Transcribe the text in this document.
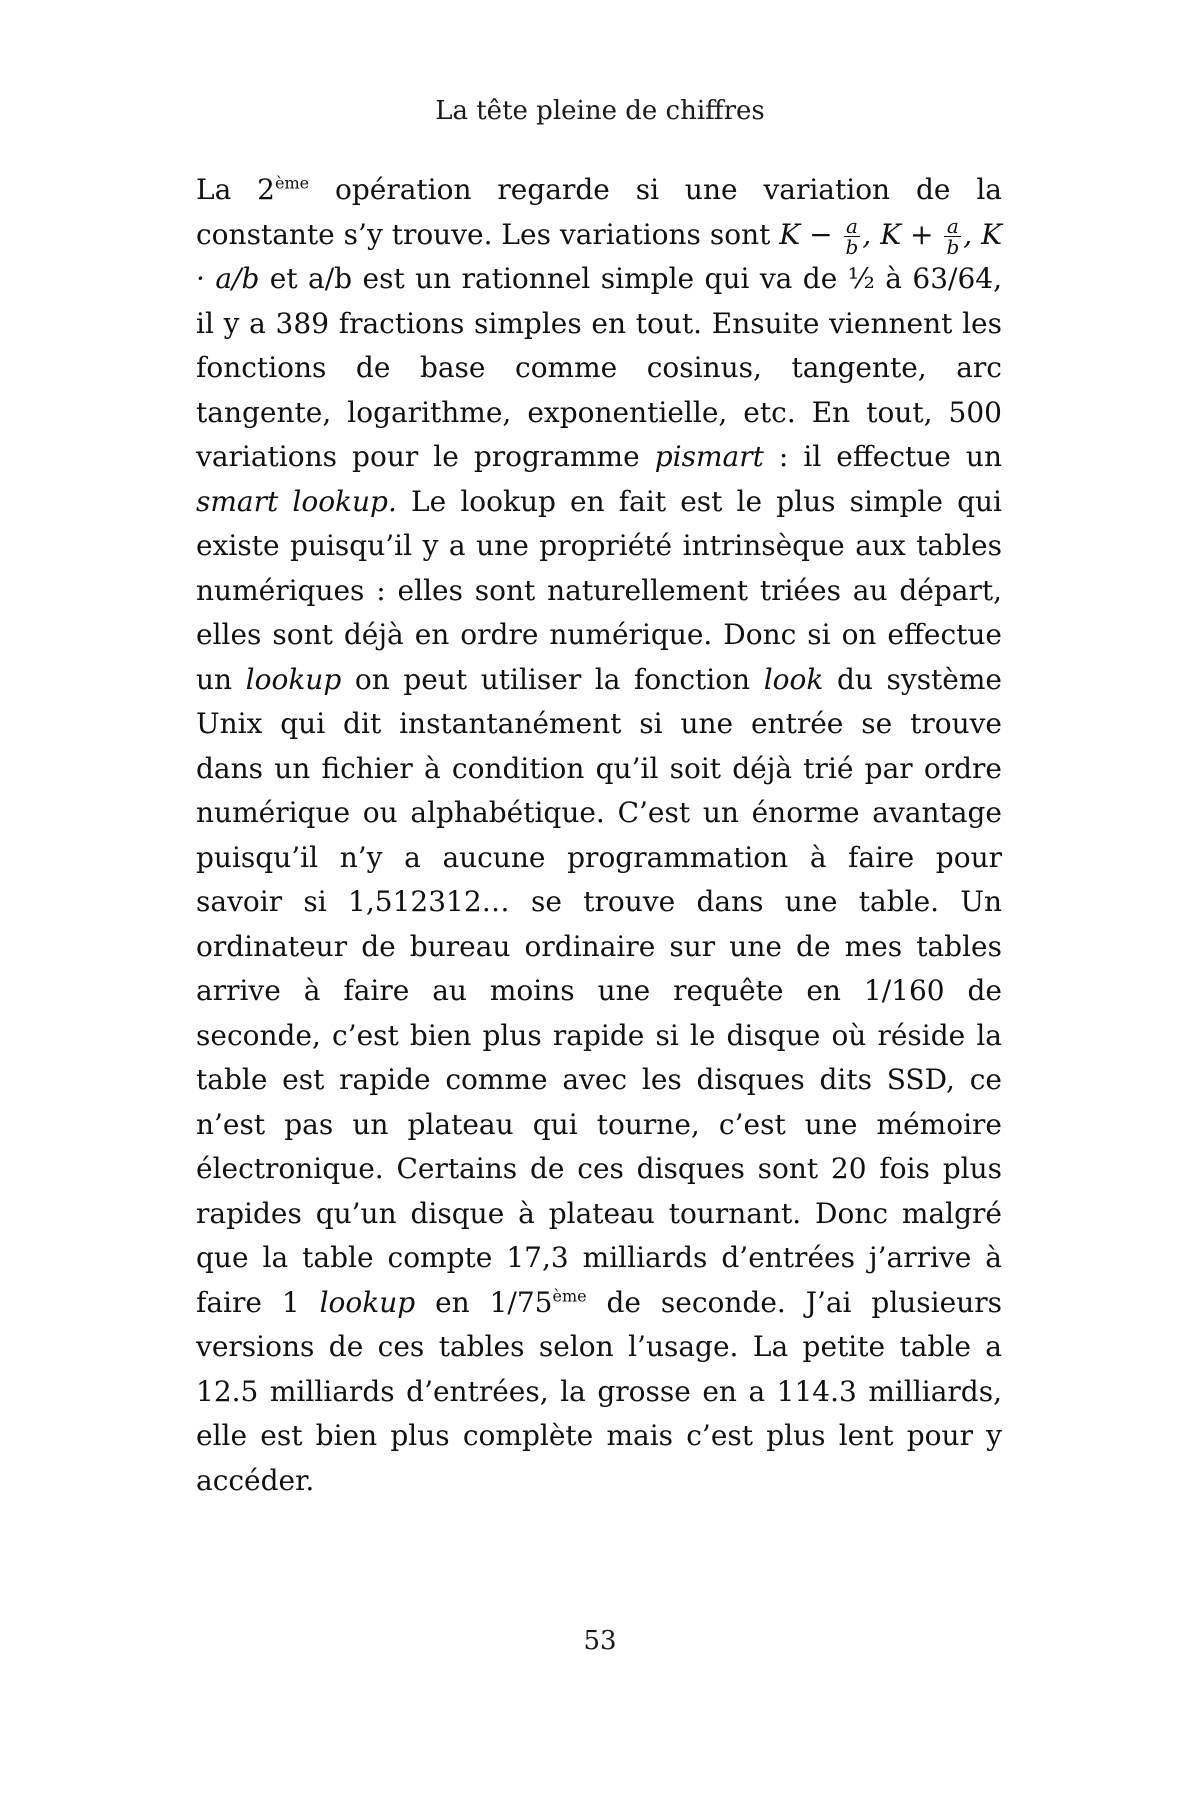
La tête pleine de chiffres

La 2ème opération regarde si une variation de la constante s’y trouve. Les variations sont $K - \frac{a}{b}$ , $K + \frac{a}{b}$ , K · a/b et a/b est un rationnel simple qui va de ½ à 63/64, il y a 389 fractions simples en tout. Ensuite viennent les fonctions de base comme cosinus, tangente, arc tangente, logarithme, exponentielle, etc. En tout, 500 variations pour le programme pismart : il effectue un smart lookup. Le lookup en fait est le plus simple qui existe puisqu’il y a une propriété intrinsèque aux tables numériques : elles sont naturellement triées au départ, elles sont déjà en ordre numérique. Donc si on effectue un lookup on peut utiliser la fonction look du système Unix qui dit instantanément si une entrée se trouve dans un fichier à condition qu’il soit déjà trié par ordre numérique ou alphabétique. C’est un énorme avantage puisqu’il n’y a aucune programmation à faire pour savoir si 1,512312… se trouve dans une table. Un ordinateur de bureau ordinaire sur une de mes tables arrive à faire au moins une requête en 1/160 de seconde, c’est bien plus rapide si le disque où réside la table est rapide comme avec les disques dits SSD, ce n’est pas un plateau qui tourne, c’est une mémoire électronique. Certains de ces disques sont 20 fois plus rapides qu’un disque à plateau tournant. Donc malgré que la table compte 17,3 milliards d’entrées j’arrive à faire 1 lookup en 1/75ème de seconde. J’ai plusieurs versions de ces tables selon l’usage. La petite table a 12.5 milliards d’entrées, la grosse en a 114.3 milliards, elle est bien plus complète mais c’est plus lent pour y accéder.

53
